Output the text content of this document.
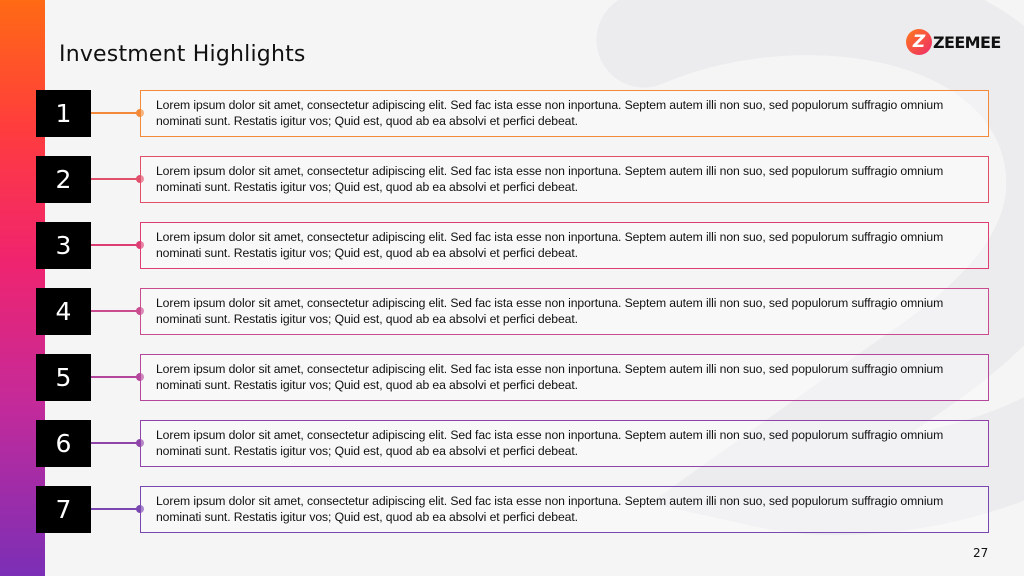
Investment Highlights	Z ZEEMEE
1	Lorem ipsum dolor sit amet, consectetur adipiscing elit. Sed fac ista esse non inportuna. Septem autem illi non suo, sed populorum suffragio omnium nominati sunt. Restatis igitur vos; Quid est, quod ab ea absolvi et perfici debeat.
2	Lorem ipsum dolor sit amet, consectetur adipiscing elit. Sed fac ista esse non inportuna. Septem autem illi non suo, sed populorum suffragio omnium nominati sunt. Restatis igitur vos; Quid est, quod ab ea absolvi et perfici debeat.
3	Lorem ipsum dolor sit amet, consectetur adipiscing elit. Sed fac ista esse non inportuna. Septem autem illi non suo, sed populorum suffragio omnium nominati sunt. Restatis igitur vos; Quid est, quod ab ea absolvi et perfici debeat.
4	Lorem ipsum dolor sit amet, consectetur adipiscing elit. Sed fac ista esse non inportuna. Septem autem illi non suo, sed populorum suffragio omnium nominati sunt. Restatis igitur vos; Quid est, quod ab ea absolvi et perfici debeat.
5	Lorem ipsum dolor sit amet, consectetur adipiscing elit. Sed fac ista esse non inportuna. Septem autem illi non suo, sed populorum suffragio omnium nominati sunt. Restatis igitur vos; Quid est, quod ab ea absolvi et perfici debeat.
6	Lorem ipsum dolor sit amet, consectetur adipiscing elit. Sed fac ista esse non inportuna. Septem autem illi non suo, sed populorum suffragio omnium nominati sunt. Restatis igitur vos; Quid est, quod ab ea absolvi et perfici debeat.
7	Lorem ipsum dolor sit amet, consectetur adipiscing elit. Sed fac ista esse non inportuna. Septem autem illi non suo, sed populorum suffragio omnium nominati sunt. Restatis igitur vos; Quid est, quod ab ea absolvi et perfici debeat.
27
